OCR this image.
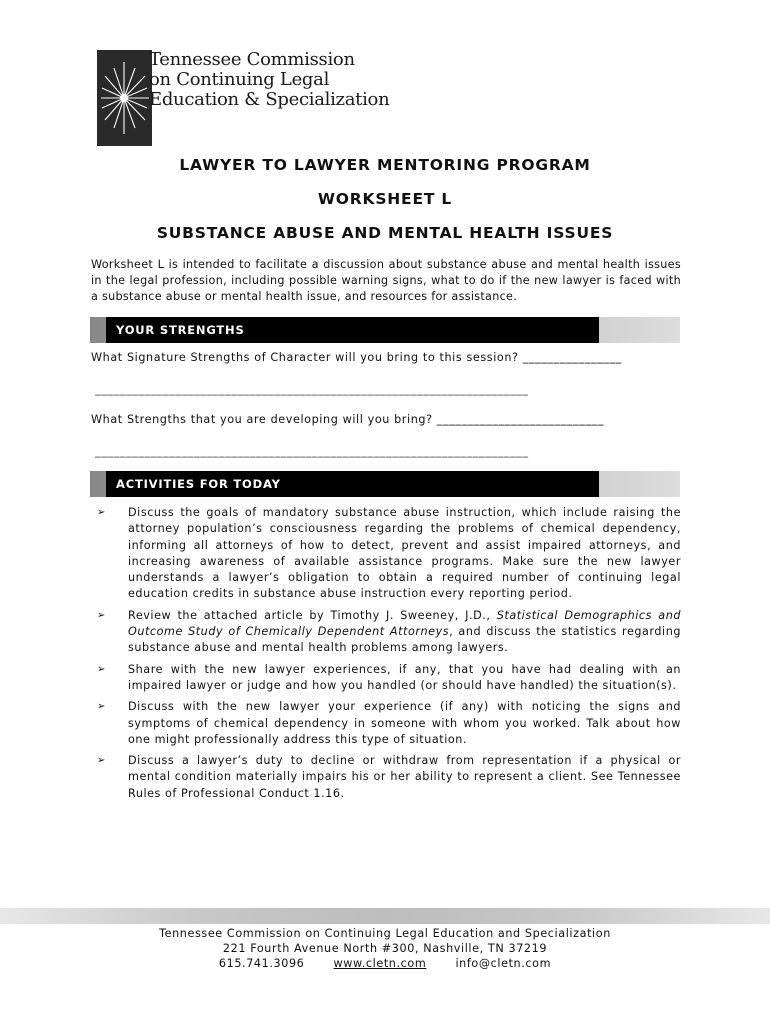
Tennessee Commission
on Continuing Legal
Education & Specialization
LAWYER TO LAWYER MENTORING PROGRAM
WORKSHEET L
SUBSTANCE ABUSE AND MENTAL HEALTH ISSUES
Worksheet L is intended to facilitate a discussion about substance abuse and mental health issues in the legal profession, including possible warning signs, what to do if the new lawyer is faced with a substance abuse or mental health issue, and resources for assistance.
YOUR STRENGTHS
What Signature Strengths of Character will you bring to this session? ________________
______________________________________________________________________
What Strengths that you are developing will you bring? ___________________________
______________________________________________________________________
ACTIVITIES FOR TODAY
➢ Discuss the goals of mandatory substance abuse instruction, which include raising the attorney population’s consciousness regarding the problems of chemical dependency, informing all attorneys of how to detect, prevent and assist impaired attorneys, and increasing awareness of available assistance programs. Make sure the new lawyer understands a lawyer’s obligation to obtain a required number of continuing legal education credits in substance abuse instruction every reporting period.
➢ Review the attached article by Timothy J. Sweeney, J.D., Statistical Demographics and Outcome Study of Chemically Dependent Attorneys, and discuss the statistics regarding substance abuse and mental health problems among lawyers.
➢ Share with the new lawyer experiences, if any, that you have had dealing with an impaired lawyer or judge and how you handled (or should have handled) the situation(s).
➢ Discuss with the new lawyer your experience (if any) with noticing the signs and symptoms of chemical dependency in someone with whom you worked. Talk about how one might professionally address this type of situation.
➢ Discuss a lawyer’s duty to decline or withdraw from representation if a physical or mental condition materially impairs his or her ability to represent a client. See Tennessee Rules of Professional Conduct 1.16.
Tennessee Commission on Continuing Legal Education and Specialization
221 Fourth Avenue North #300, Nashville, TN 37219
615.741.3096	www.cletn.com	info@cletn.com
